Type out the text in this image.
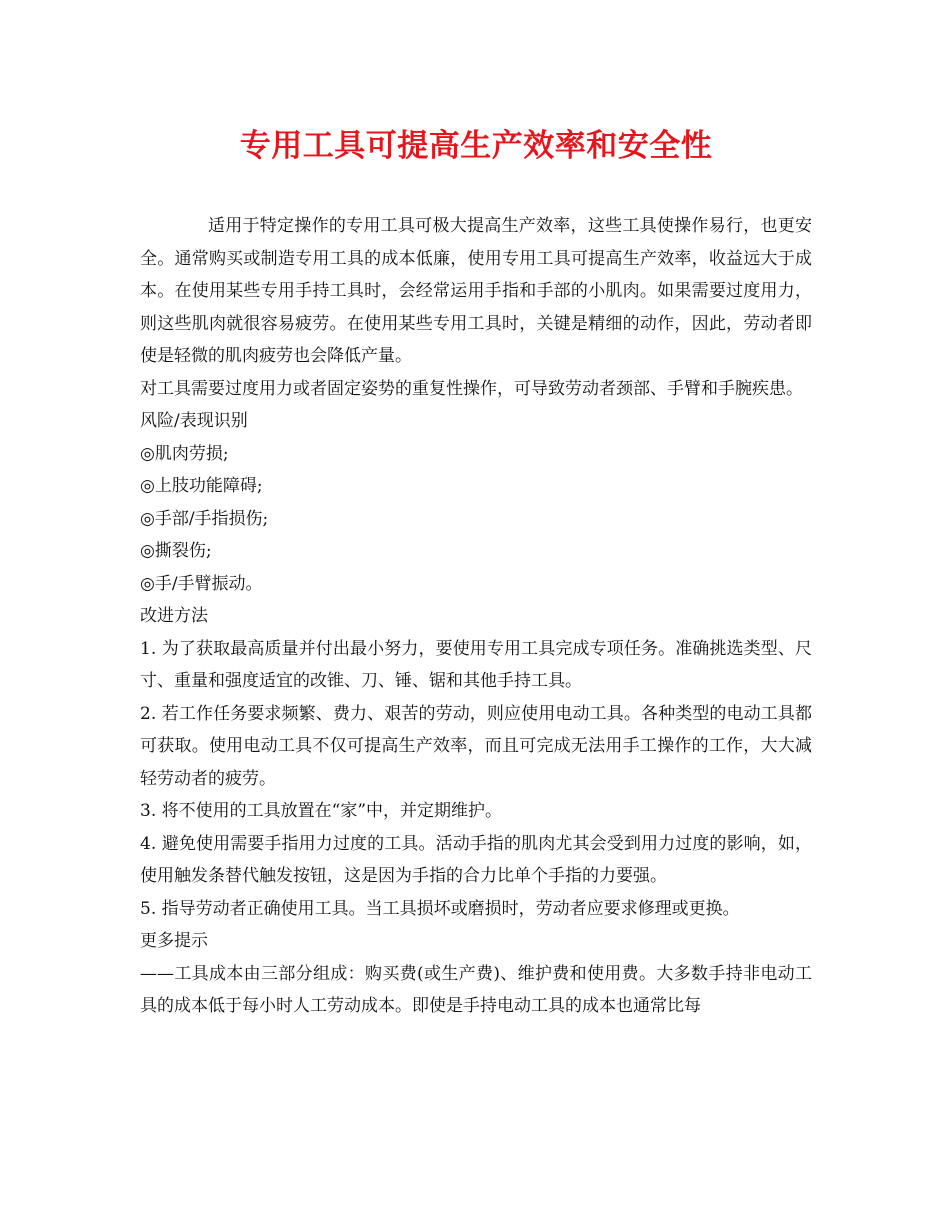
专用工具可提高生产效率和安全性

适用于特定操作的专用工具可极大提高生产效率，这些工具使操作易行，也更安全。通常购买或制造专用工具的成本低廉，使用专用工具可提高生产效率，收益远大于成本。在使用某些专用手持工具时，会经常运用手指和手部的小肌肉。如果需要过度用力，则这些肌肉就很容易疲劳。在使用某些专用工具时，关键是精细的动作，因此，劳动者即使是轻微的肌肉疲劳也会降低产量。

对工具需要过度用力或者固定姿势的重复性操作，可导致劳动者颈部、手臂和手腕疾患。

风险/表现识别

◎肌肉劳损;

◎上肢功能障碍;

◎手部/手指损伤;

◎撕裂伤;

◎手/手臂振动。

改进方法

1. 为了获取最高质量并付出最小努力，要使用专用工具完成专项任务。准确挑选类型、尺寸、重量和强度适宜的改锥、刀、锤、锯和其他手持工具。

2. 若工作任务要求频繁、费力、艰苦的劳动，则应使用电动工具。各种类型的电动工具都可获取。使用电动工具不仅可提高生产效率，而且可完成无法用手工操作的工作，大大减轻劳动者的疲劳。

3. 将不使用的工具放置在“家”中，并定期维护。

4. 避免使用需要手指用力过度的工具。活动手指的肌肉尤其会受到用力过度的影响，如，使用触发条替代触发按钮，这是因为手指的合力比单个手指的力要强。

5. 指导劳动者正确使用工具。当工具损坏或磨损时，劳动者应要求修理或更换。

更多提示

——工具成本由三部分组成：购买费(或生产费)、维护费和使用费。大多数手持非电动工具的成本低于每小时人工劳动成本。即使是手持电动工具的成本也通常比每
